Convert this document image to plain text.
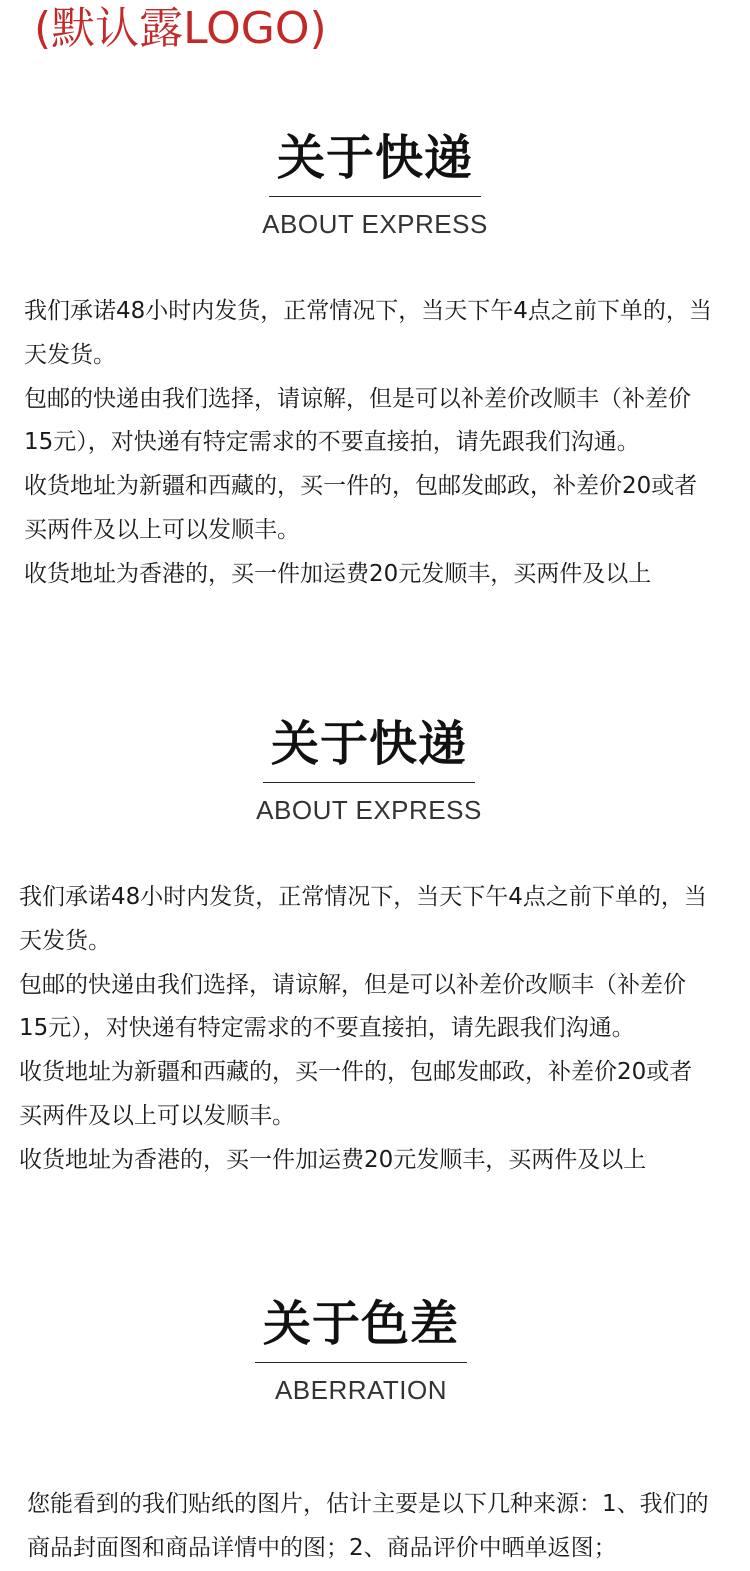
(默认露LOGO)
关于快递
ABOUT EXPRESS

我们承诺48小时内发货，正常情况下，当天下午4点之前下单的，当天发货。

包邮的快递由我们选择，请谅解，但是可以补差价改顺丰（补差价15元），对快递有特定需求的不要直接拍，请先跟我们沟通。

收货地址为新疆和西藏的，买一件的，包邮发邮政，补差价20或者买两件及以上可以发顺丰。

收货地址为香港的，买一件加运费20元发顺丰，买两件及以上

关于快递
ABOUT EXPRESS

我们承诺48小时内发货，正常情况下，当天下午4点之前下单的，当天发货。

包邮的快递由我们选择，请谅解，但是可以补差价改顺丰（补差价15元），对快递有特定需求的不要直接拍，请先跟我们沟通。

收货地址为新疆和西藏的，买一件的，包邮发邮政，补差价20或者买两件及以上可以发顺丰。

收货地址为香港的，买一件加运费20元发顺丰，买两件及以上

关于色差
ABERRATION

您能看到的我们贴纸的图片，估计主要是以下几种来源：1、我们的商品封面图和商品详情中的图；2、商品评价中晒单返图；
